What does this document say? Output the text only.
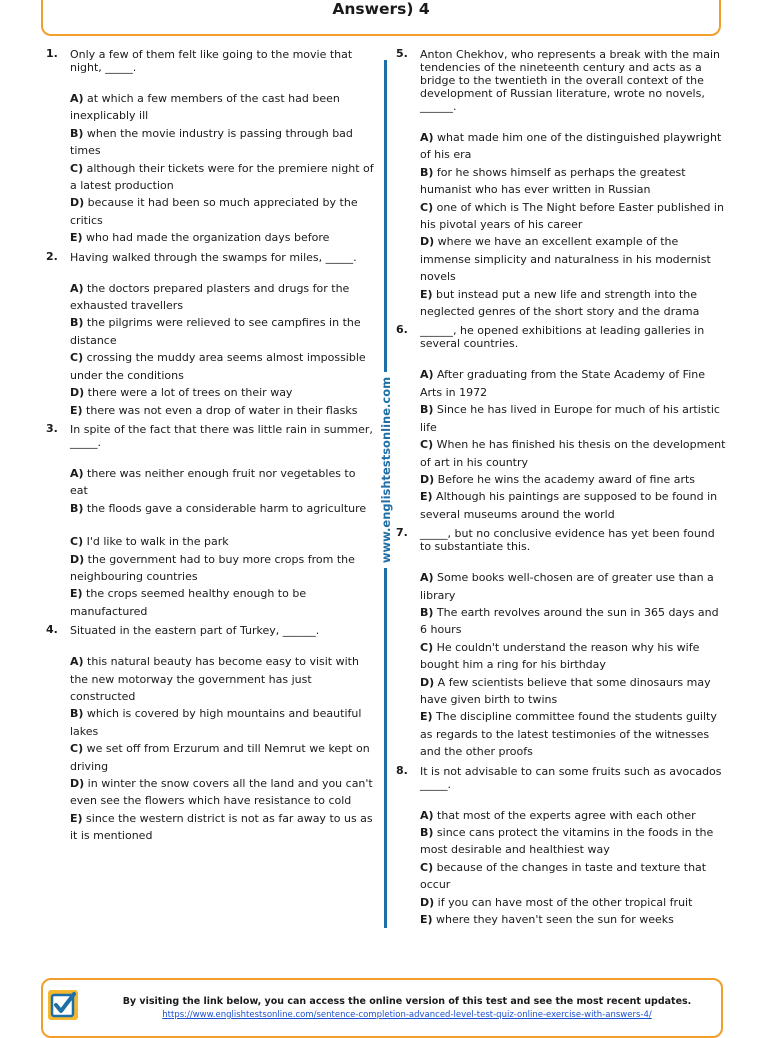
Answers) 4
1. Only a few of them felt like going to the movie that night, _____.
A) at which a few members of the cast had been inexplicably ill
B) when the movie industry is passing through bad times
C) although their tickets were for the premiere night of a latest production
D) because it had been so much appreciated by the critics
E) who had made the organization days before
2. Having walked through the swamps for miles, _____.
A) the doctors prepared plasters and drugs for the exhausted travellers
B) the pilgrims were relieved to see campfires in the distance
C) crossing the muddy area seems almost impossible under the conditions
D) there were a lot of trees on their way
E) there was not even a drop of water in their flasks
3. In spite of the fact that there was little rain in summer, _____.
A) there was neither enough fruit nor vegetables to eat
B) the floods gave a considerable harm to agriculture
C) I'd like to walk in the park
D) the government had to buy more crops from the neighbouring countries
E) the crops seemed healthy enough to be manufactured
4. Situated in the eastern part of Turkey, ______.
A) this natural beauty has become easy to visit with the new motorway the government has just constructed
B) which is covered by high mountains and beautiful lakes
C) we set off from Erzurum and till Nemrut we kept on driving
D) in winter the snow covers all the land and you can't even see the flowers which have resistance to cold
E) since the western district is not as far away to us as it is mentioned
www.englishtestsonline.com
5. Anton Chekhov, who represents a break with the main tendencies of the nineteenth century and acts as a bridge to the twentieth in the overall context of the development of Russian literature, wrote no novels, ______.
A) what made him one of the distinguished playwright of his era
B) for he shows himself as perhaps the greatest humanist who has ever written in Russian
C) one of which is The Night before Easter published in his pivotal years of his career
D) where we have an excellent example of the immense simplicity and naturalness in his modernist novels
E) but instead put a new life and strength into the neglected genres of the short story and the drama
6. ______, he opened exhibitions at leading galleries in several countries.
A) After graduating from the State Academy of Fine Arts in 1972
B) Since he has lived in Europe for much of his artistic life
C) When he has finished his thesis on the development of art in his country
D) Before he wins the academy award of fine arts
E) Although his paintings are supposed to be found in several museums around the world
7. _____, but no conclusive evidence has yet been found to substantiate this.
A) Some books well-chosen are of greater use than a library
B) The earth revolves around the sun in 365 days and 6 hours
C) He couldn't understand the reason why his wife bought him a ring for his birthday
D) A few scientists believe that some dinosaurs may have given birth to twins
E) The discipline committee found the students guilty as regards to the latest testimonies of the witnesses and the other proofs
8. It is not advisable to can some fruits such as avocados _____.
A) that most of the experts agree with each other
B) since cans protect the vitamins in the foods in the most desirable and healthiest way
C) because of the changes in taste and texture that occur
D) if you can have most of the other tropical fruit
E) where they haven't seen the sun for weeks
By visiting the link below, you can access the online version of this test and see the most recent updates.
https://www.englishtestsonline.com/sentence-completion-advanced-level-test-quiz-online-exercise-with-answers-4/
